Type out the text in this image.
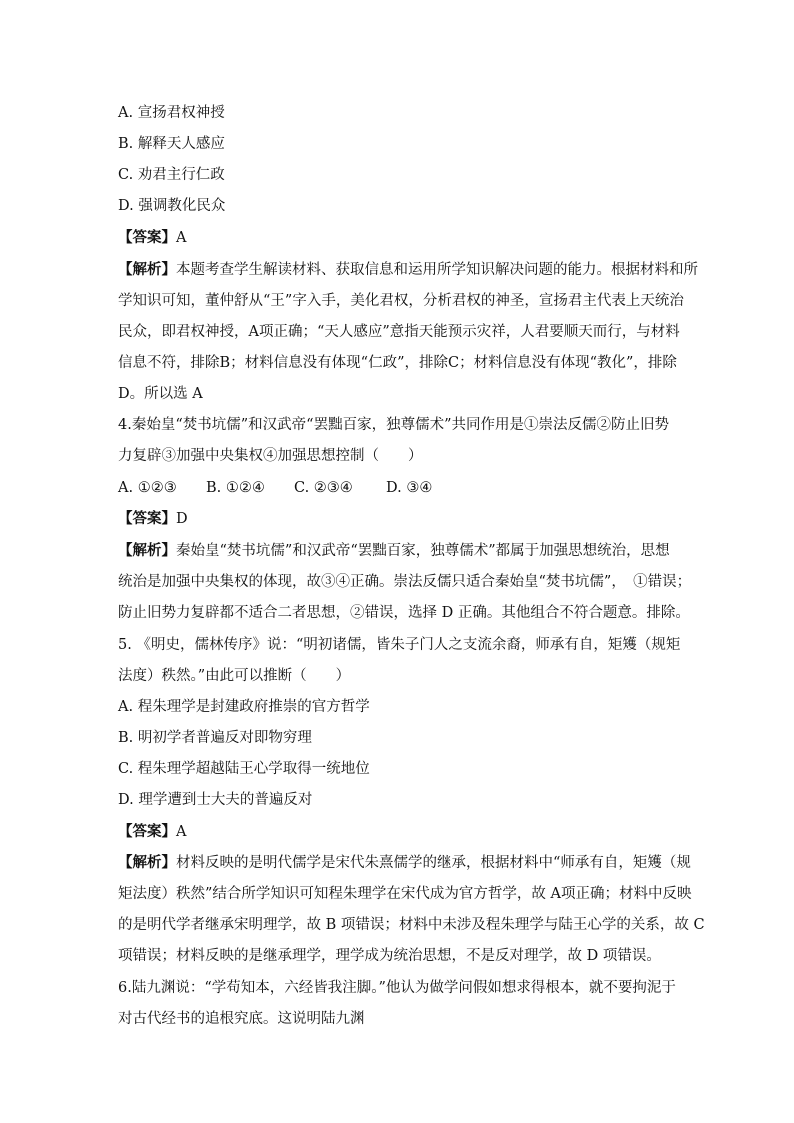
A. 宣扬君权神授
B. 解释天人感应
C. 劝君主行仁政
D. 强调教化民众
【答案】A
【解析】本题考查学生解读材料、获取信息和运用所学知识解决问题的能力。根据材料和所
学知识可知，董仲舒从“王”字入手，美化君权，分析君权的神圣，宣扬君主代表上天统治
民众，即君权神授，A项正确；“天人感应”意指天能预示灾祥，人君要顺天而行，与材料
信息不符，排除B；材料信息没有体现“仁政”，排除C；材料信息没有体现“教化”，排除
D。所以选 A
4.秦始皇“焚书坑儒”和汉武帝“罢黜百家，独尊儒术”共同作用是①崇法反儒②防止旧势
力复辟③加强中央集权④加强思想控制（　　）
A. ①②③ B. ①②④ C. ②③④ D. ③④
【答案】D
【解析】秦始皇“焚书坑儒”和汉武帝“罢黜百家，独尊儒术”都属于加强思想统治，思想
统治是加强中央集权的体现，故③④正确。崇法反儒只适合秦始皇“焚书坑儒”，　①错误；
防止旧势力复辟都不适合二者思想，②错误，选择 D 正确。其他组合不符合题意。排除。
5. 《明史，儒林传序》说：“明初诸儒，皆朱子门人之支流余裔，师承有自，矩矱（规矩
法度）秩然。”由此可以推断（　　）
A. 程朱理学是封建政府推崇的官方哲学
B. 明初学者普遍反对即物穷理
C. 程朱理学超越陆王心学取得一统地位
D. 理学遭到士大夫的普遍反对
【答案】A
【解析】材料反映的是明代儒学是宋代朱熹儒学的继承，根据材料中“师承有自，矩矱（规
矩法度）秩然”结合所学知识可知程朱理学在宋代成为官方哲学，故 A项正确；材料中反映
的是明代学者继承宋明理学，故 B 项错误；材料中未涉及程朱理学与陆王心学的关系，故 C
项错误；材料反映的是继承理学，理学成为统治思想，不是反对理学，故 D 项错误。
6.陆九渊说：“学苟知本，六经皆我注脚。”他认为做学问假如想求得根本，就不要拘泥于
对古代经书的追根究底。这说明陆九渊
